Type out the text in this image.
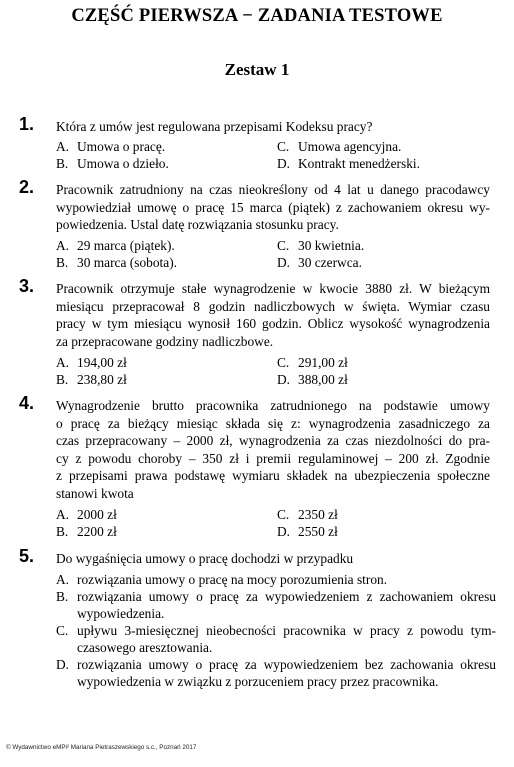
CZĘŚĆ PIERWSZA − ZADANIA TESTOWE
Zestaw 1
1. Która z umów jest regulowana przepisami Kodeksu pracy?
A. Umowa o pracę.
B. Umowa o dzieło.
C. Umowa agencyjna.
D. Kontrakt menedżerski.
2. Pracownik zatrudniony na czas nieokreślony od 4 lat u danego pracodawcy
wypowiedział umowę o pracę 15 marca (piątek) z zachowaniem okresu wy-
powiedzenia. Ustal datę rozwiązania stosunku pracy.
A. 29 marca (piątek).
B. 30 marca (sobota).
C. 30 kwietnia.
D. 30 czerwca.
3. Pracownik otrzymuje stałe wynagrodzenie w kwocie 3880 zł. W bieżącym
miesiącu przepracował 8 godzin nadliczbowych w święta. Wymiar czasu
pracy w tym miesiącu wynosił 160 godzin. Oblicz wysokość wynagrodzenia
za przepracowane godziny nadliczbowe.
A. 194,00 zł
B. 238,80 zł
C. 291,00 zł
D. 388,00 zł
4. Wynagrodzenie brutto pracownika zatrudnionego na podstawie umowy
o pracę za bieżący miesiąc składa się z: wynagrodzenia zasadniczego za
czas przepracowany – 2000 zł, wynagrodzenia za czas niezdolności do pra-
cy z powodu choroby – 350 zł i premii regulaminowej – 200 zł. Zgodnie
z przepisami prawa podstawę wymiaru składek na ubezpieczenia społeczne
stanowi kwota
A. 2000 zł
B. 2200 zł
C. 2350 zł
D. 2550 zł
5. Do wygaśnięcia umowy o pracę dochodzi w przypadku
A. rozwiązania umowy o pracę na mocy porozumienia stron.
B. rozwiązania umowy o pracę za wypowiedzeniem z zachowaniem okresu
wypowiedzenia.
C. upływu 3-miesięcznej nieobecności pracownika w pracy z powodu tym-
czasowego aresztowania.
D. rozwiązania umowy o pracę za wypowiedzeniem bez zachowania okresu
wypowiedzenia w związku z porzuceniem pracy przez pracownika.
© Wydawnictwo eMPi² Mariana Pietraszewskiego s.c., Poznań 2017
